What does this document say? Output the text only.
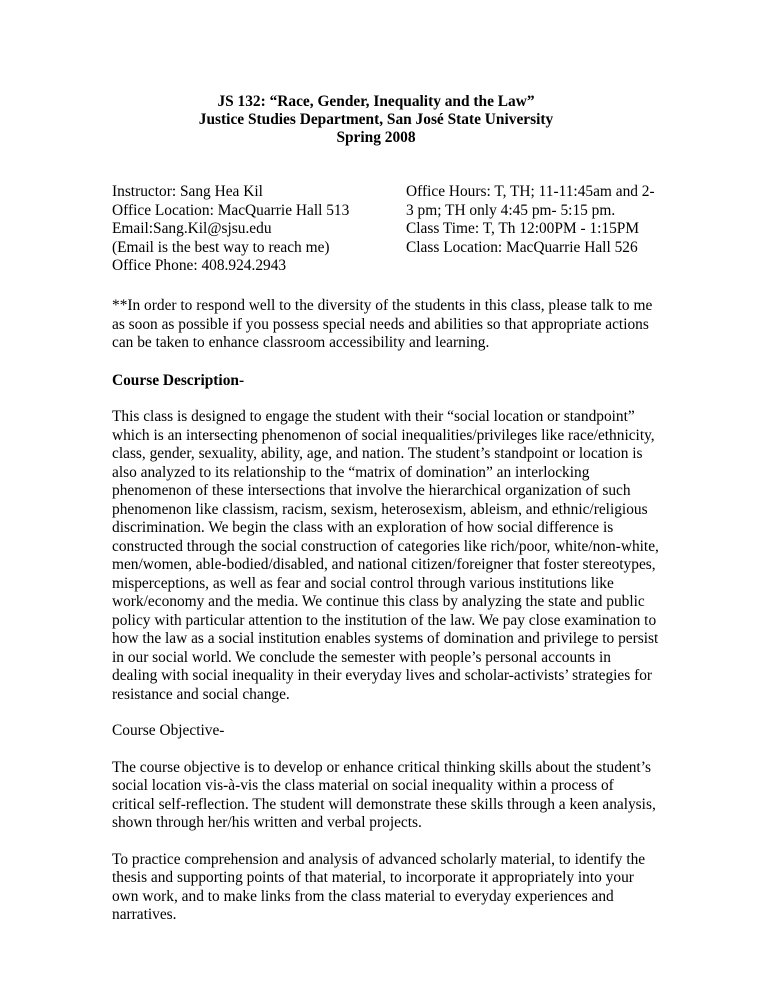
JS 132: “Race, Gender, Inequality and the Law”
Justice Studies Department, San José State University
Spring 2008
Instructor: Sang Hea Kil
Office Location: MacQuarrie Hall 513
Email:Sang.Kil@sjsu.edu
(Email is the best way to reach me)
Office Phone: 408.924.2943
Office Hours: T, TH; 11-11:45am and 2-
3 pm; TH only 4:45 pm- 5:15 pm.
Class Time: T, Th 12:00PM - 1:15PM
Class Location: MacQuarrie Hall 526

**In order to respond well to the diversity of the students in this class, please talk to me as soon as possible if you possess special needs and abilities so that appropriate actions can be taken to enhance classroom accessibility and learning.

Course Description-

This class is designed to engage the student with their “social location or standpoint” which is an intersecting phenomenon of social inequalities/privileges like race/ethnicity, class, gender, sexuality, ability, age, and nation. The student’s standpoint or location is also analyzed to its relationship to the “matrix of domination” an interlocking phenomenon of these intersections that involve the hierarchical organization of such phenomenon like classism, racism, sexism, heterosexism, ableism, and ethnic/religious discrimination. We begin the class with an exploration of how social difference is constructed through the social construction of categories like rich/poor, white/non-white, men/women, able-bodied/disabled, and national citizen/foreigner that foster stereotypes, misperceptions, as well as fear and social control through various institutions like work/economy and the media. We continue this class by analyzing the state and public policy with particular attention to the institution of the law. We pay close examination to how the law as a social institution enables systems of domination and privilege to persist in our social world. We conclude the semester with people’s personal accounts in dealing with social inequality in their everyday lives and scholar-activists’ strategies for resistance and social change.

Course Objective-

The course objective is to develop or enhance critical thinking skills about the student’s social location vis-à-vis the class material on social inequality within a process of critical self-reflection. The student will demonstrate these skills through a keen analysis, shown through her/his written and verbal projects.

To practice comprehension and analysis of advanced scholarly material, to identify the thesis and supporting points of that material, to incorporate it appropriately into your own work, and to make links from the class material to everyday experiences and narratives.
